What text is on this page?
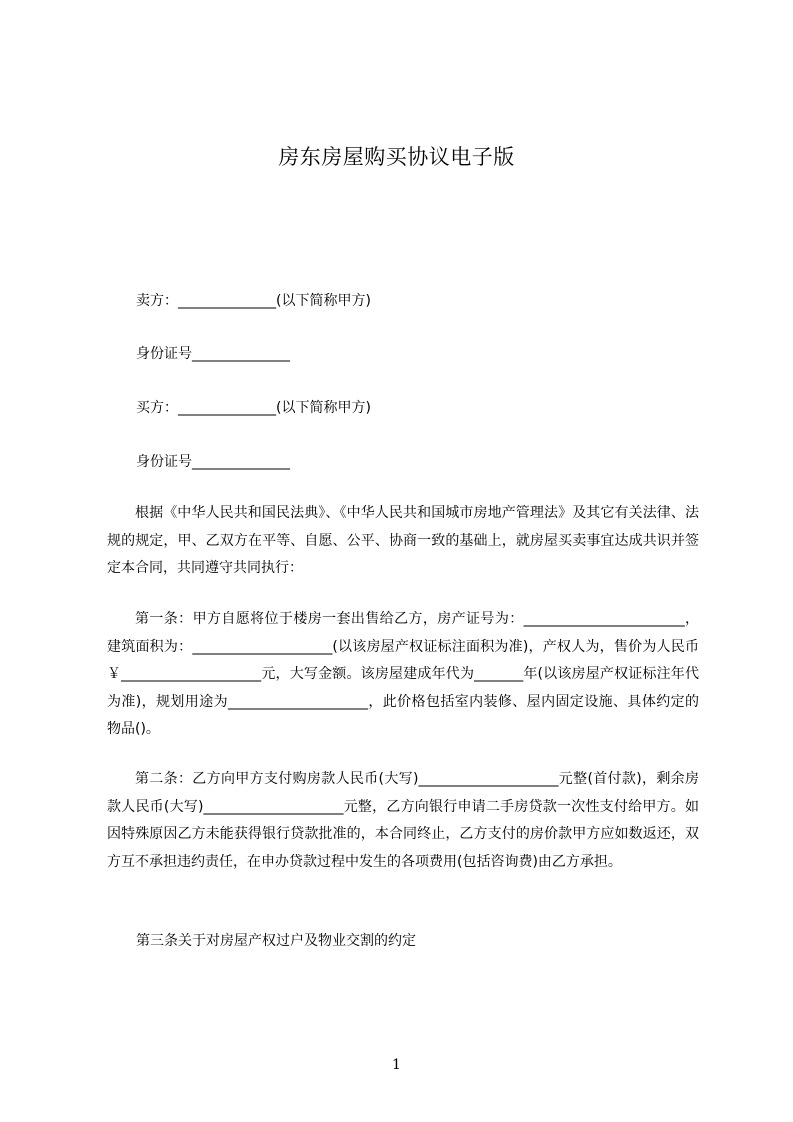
房东房屋购买协议电子版
卖方：______________(以下简称甲方)
身份证号______________
买方：______________(以下简称甲方)
身份证号______________
根据《中华人民共和国民法典》、《中华人民共和国城市房地产管理法》及其它有关法律、法规的规定，甲、乙双方在平等、自愿、公平、协商一致的基础上，就房屋买卖事宜达成共识并签定本合同，共同遵守共同执行：
第一条：甲方自愿将位于楼房一套出售给乙方，房产证号为：_______________________，建筑面积为：____________________(以该房屋产权证标注面积为准)，产权人为，售价为人民币￥____________________元，大写金额。该房屋建成年代为_______年(以该房屋产权证标注年代为准)，规划用途为____________________，此价格包括室内装修、屋内固定设施、具体约定的物品()。
第二条：乙方向甲方支付购房款人民币(大写)____________________元整(首付款)，剩余房款人民币(大写)____________________元整，乙方向银行申请二手房贷款一次性支付给甲方。如因特殊原因乙方未能获得银行贷款批准的，本合同终止，乙方支付的房价款甲方应如数返还，双方互不承担违约责任，在申办贷款过程中发生的各项费用(包括咨询费)由乙方承担。
第三条关于对房屋产权过户及物业交割的约定
1
